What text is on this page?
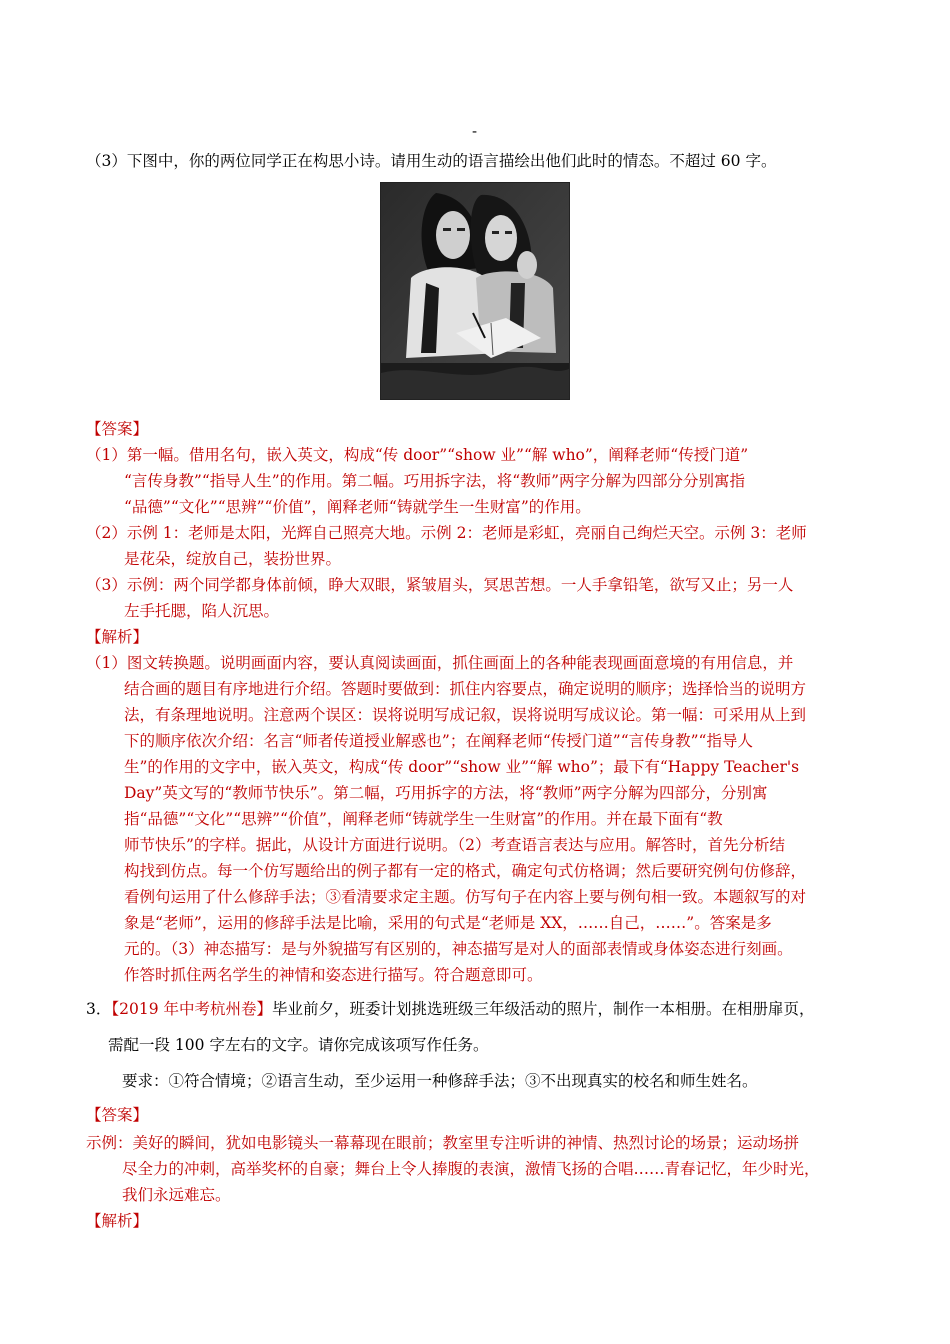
-
（3）下图中，你的两位同学正在构思小诗。请用生动的语言描绘出他们此时的情态。不超过 60 字。
【答案】
（1）第一幅。借用名句，嵌入英文，构成“传 door”“show 业”“解 who”，阐释老师“传授门道”
“言传身教”“指导人生”的作用。第二幅。巧用拆字法，将“教师”两字分解为四部分分别寓指
“品德”“文化”“思辨”“价值”，阐释老师“铸就学生一生财富”的作用。
（2）示例 1：老师是太阳，光辉自己照亮大地。示例 2：老师是彩虹，亮丽自己绚烂天空。示例 3：老师
是花朵，绽放自己，装扮世界。
（3）示例：两个同学都身体前倾，睁大双眼，紧皱眉头，冥思苦想。一人手拿铅笔，欲写又止；另一人
左手托腮，陷人沉思。
【解析】
（1）图文转换题。说明画面内容，要认真阅读画面，抓住画面上的各种能表现画面意境的有用信息，并
结合画的题目有序地进行介绍。答题时要做到：抓住内容要点，确定说明的顺序；选择恰当的说明方
法，有条理地说明。注意两个误区：误将说明写成记叙，误将说明写成议论。第一幅：可采用从上到
下的顺序依次介绍：名言“师者传道授业解惑也”；在阐释老师“传授门道”“言传身教”“指导人
生”的作用的文字中，嵌入英文，构成“传 door”“show 业”“解 who”；最下有“Happy Teacher's
Day”英文写的“教师节快乐”。第二幅，巧用拆字的方法，将“教师”两字分解为四部分，分别寓
指“品德”“文化”“思辨”“价值”，阐释老师“铸就学生一生财富”的作用。并在最下面有“教
师节快乐”的字样。据此，从设计方面进行说明。（2）考查语言表达与应用。解答时，首先分析结
构找到仿点。每一个仿写题给出的例子都有一定的格式，确定句式仿格调；然后要研究例句仿修辞，
看例句运用了什么修辞手法；③看清要求定主题。仿写句子在内容上要与例句相一致。本题叙写的对
象是“老师”，运用的修辞手法是比喻，采用的句式是“老师是 XX，……自己，……”。答案是多
元的。（3）神态描写：是与外貌描写有区别的，神态描写是对人的面部表情或身体姿态进行刻画。
作答时抓住两名学生的神情和姿态进行描写。符合题意即可。
3．【2019 年中考杭州卷】毕业前夕，班委计划挑选班级三年级活动的照片，制作一本相册。在相册扉页，
需配一段 100 字左右的文字。请你完成该项写作任务。
要求：①符合情境；②语言生动，至少运用一种修辞手法；③不出现真实的校名和师生姓名。
【答案】
示例：美好的瞬间，犹如电影镜头一幕幕现在眼前；教室里专注听讲的神情、热烈讨论的场景；运动场拼
尽全力的冲刺，高举奖杯的自豪；舞台上令人捧腹的表演，激情飞扬的合唱……青春记忆，年少时光，
我们永远难忘。
【解析】
